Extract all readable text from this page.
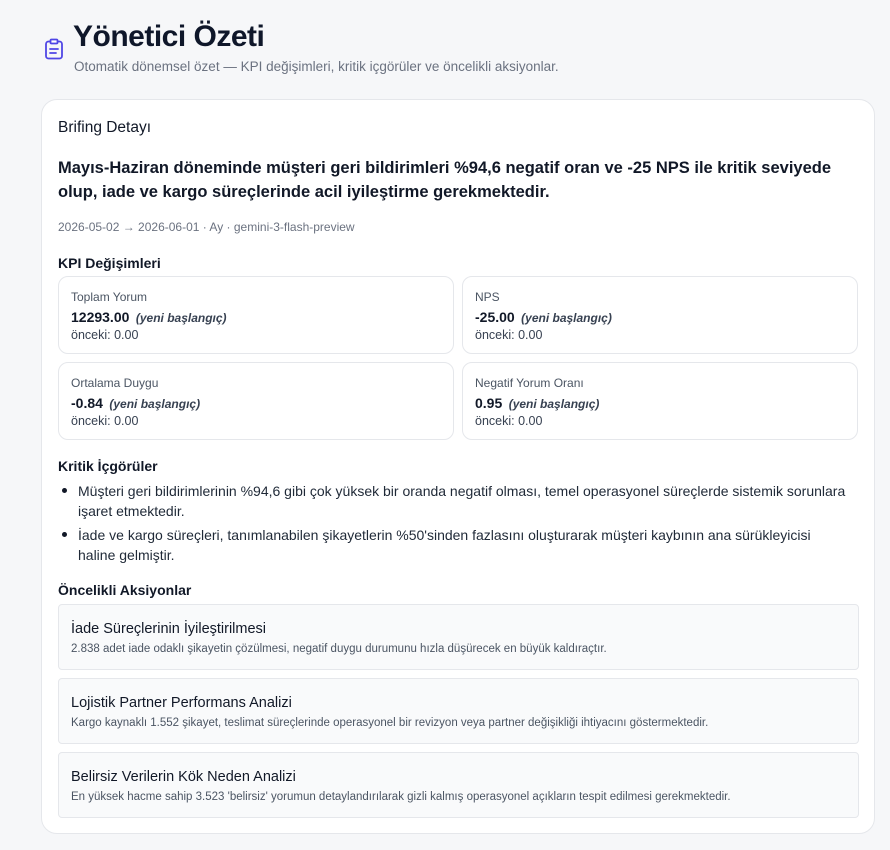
Yönetici Özeti
Otomatik dönemsel özet — KPI değişimleri, kritik içgörüler ve öncelikli aksiyonlar.
Brifing Detayı
Mayıs-Haziran döneminde müşteri geri bildirimleri %94,6 negatif oran ve -25 NPS ile kritik seviyede olup, iade ve kargo süreçlerinde acil iyileştirme gerekmektedir.
2026-05-02 → 2026-06-01 · Ay · gemini-3-flash-preview
KPI Değişimleri
Toplam Yorum
12293.00 (yeni başlangıç)
önceki: 0.00
NPS
-25.00 (yeni başlangıç)
önceki: 0.00
Ortalama Duygu
-0.84 (yeni başlangıç)
önceki: 0.00
Negatif Yorum Oranı
0.95 (yeni başlangıç)
önceki: 0.00
Kritik İçgörüler
Müşteri geri bildirimlerinin %94,6 gibi çok yüksek bir oranda negatif olması, temel operasyonel süreçlerde sistemik sorunlara işaret etmektedir.
İade ve kargo süreçleri, tanımlanabilen şikayetlerin %50'sinden fazlasını oluşturarak müşteri kaybının ana sürükleyicisi haline gelmiştir.
Öncelikli Aksiyonlar
İade Süreçlerinin İyileştirilmesi
2.838 adet iade odaklı şikayetin çözülmesi, negatif duygu durumunu hızla düşürecek en büyük kaldıraçtır.
Lojistik Partner Performans Analizi
Kargo kaynaklı 1.552 şikayet, teslimat süreçlerinde operasyonel bir revizyon veya partner değişikliği ihtiyacını göstermektedir.
Belirsiz Verilerin Kök Neden Analizi
En yüksek hacme sahip 3.523 'belirsiz' yorumun detaylandırılarak gizli kalmış operasyonel açıkların tespit edilmesi gerekmektedir.
